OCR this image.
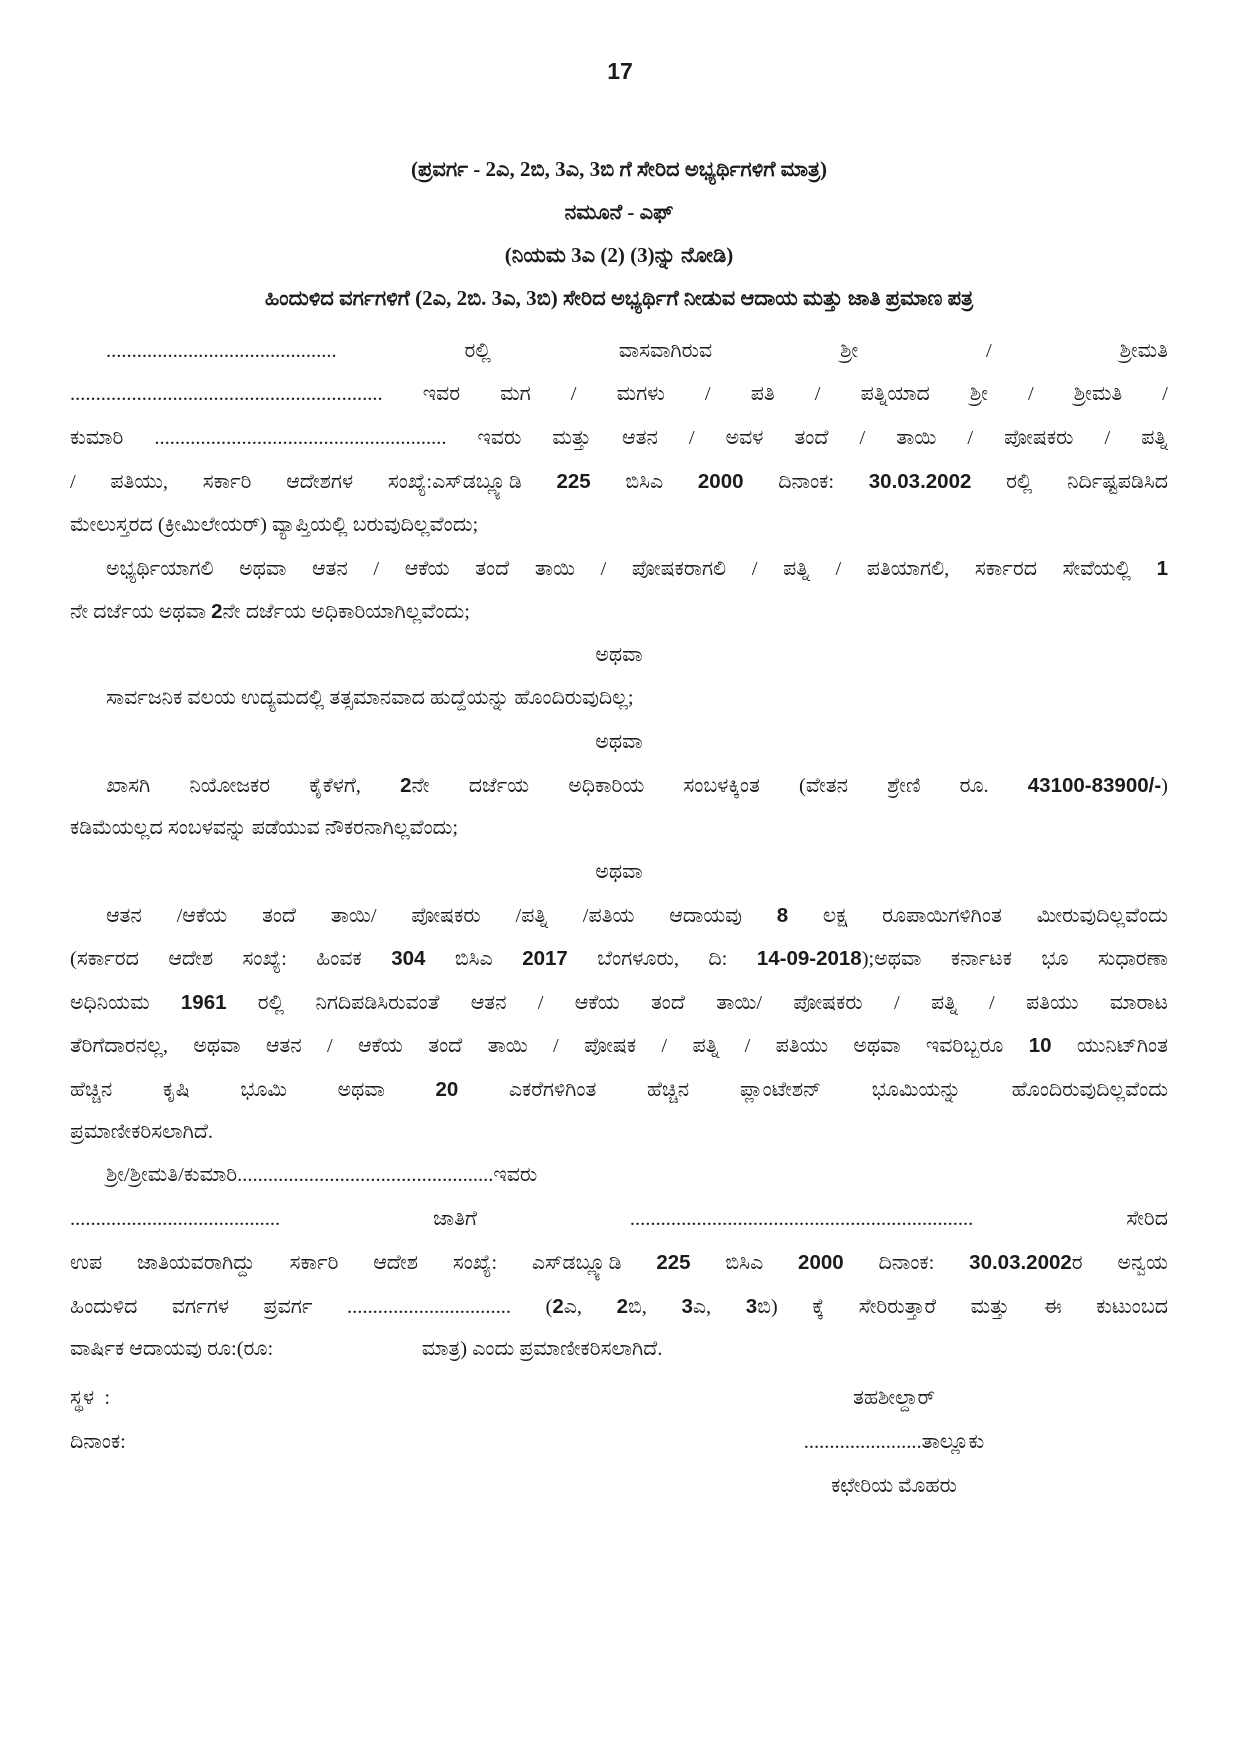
17
(ಪ್ರವರ್ಗ - 2ಎ, 2ಬಿ, 3ಎ, 3ಬಿ ಗೆ ಸೇರಿದ ಅಭ್ಯರ್ಥಿಗಳಿಗೆ ಮಾತ್ರ)
ನಮೂನೆ - ಎಫ್
(ನಿಯಮ 3ಎ (2) (3)ನ್ನು ನೋಡಿ)
ಹಿಂದುಳಿದ ವರ್ಗಗಳಿಗೆ (2ಎ, 2ಬಿ. 3ಎ, 3ಬಿ) ಸೇರಿದ ಅಭ್ಯರ್ಥಿಗೆ ನೀಡುವ ಆದಾಯ ಮತ್ತು ಜಾತಿ ಪ್ರಮಾಣ ಪತ್ರ
............................................. ರಲ್ಲಿ ವಾಸವಾಗಿರುವ ಶ್ರೀ / ಶ್ರೀಮತಿ
............................................................. ಇವರ ಮಗ / ಮಗಳು / ಪತಿ / ಪತ್ನಿಯಾದ ಶ್ರೀ / ಶ್ರೀಮತಿ /
ಕುಮಾರಿ ......................................................... ಇವರು ಮತ್ತು ಆತನ / ಅವಳ ತಂದೆ / ತಾಯಿ / ಪೋಷಕರು / ಪತ್ನಿ
/ ಪತಿಯು, ಸರ್ಕಾರಿ ಆದೇಶಗಳ ಸಂಖ್ಯೆ:ಎಸ್‌ಡಬ್ಲ್ಯೂಡಿ 225 ಬಿಸಿಎ 2000 ದಿನಾಂಕ: 30.03.2002 ರಲ್ಲಿ ನಿರ್ದಿಷ್ಟಪಡಿಸಿದ
ಮೇಲುಸ್ತರದ (ಕ್ರೀಮಿಲೇಯರ್) ವ್ಯಾಪ್ತಿಯಲ್ಲಿ ಬರುವುದಿಲ್ಲವೆಂದು;
ಅಭ್ಯರ್ಥಿಯಾಗಲಿ ಅಥವಾ ಆತನ / ಆಕೆಯ ತಂದೆ ತಾಯಿ / ಪೋಷಕರಾಗಲಿ / ಪತ್ನಿ / ಪತಿಯಾಗಲಿ, ಸರ್ಕಾರದ ಸೇವೆಯಲ್ಲಿ 1
ನೇ ದರ್ಜೆಯ ಅಥವಾ 2ನೇ ದರ್ಜೆಯ ಅಧಿಕಾರಿಯಾಗಿಲ್ಲವೆಂದು;
ಅಥವಾ
ಸಾರ್ವಜನಿಕ ವಲಯ ಉದ್ಯಮದಲ್ಲಿ ತತ್ಸಮಾನವಾದ ಹುದ್ದೆಯನ್ನು ಹೊಂದಿರುವುದಿಲ್ಲ;
ಅಥವಾ
ಖಾಸಗಿ ನಿಯೋಜಕರ ಕೈಕೆಳಗೆ, 2ನೇ ದರ್ಜೆಯ ಅಧಿಕಾರಿಯ ಸಂಬಳಕ್ಕಿಂತ (ವೇತನ ಶ್ರೇಣಿ ರೂ. 43100-83900/-)
ಕಡಿಮೆಯಲ್ಲದ ಸಂಬಳವನ್ನು ಪಡೆಯುವ ನೌಕರನಾಗಿಲ್ಲವೆಂದು;
ಅಥವಾ
ಆತನ /ಆಕೆಯ ತಂದೆ ತಾಯಿ/ ಪೋಷಕರು /ಪತ್ನಿ /ಪತಿಯ ಆದಾಯವು 8 ಲಕ್ಷ ರೂಪಾಯಿಗಳಿಗಿಂತ ಮೀರುವುದಿಲ್ಲವೆಂದು
(ಸರ್ಕಾರದ ಆದೇಶ ಸಂಖ್ಯೆ: ಹಿಂವಕ 304 ಬಿಸಿಎ 2017 ಬೆಂಗಳೂರು, ದಿ: 14-09-2018);ಅಥವಾ ಕರ್ನಾಟಕ ಭೂ ಸುಧಾರಣಾ
ಅಧಿನಿಯಮ 1961 ರಲ್ಲಿ ನಿಗದಿಪಡಿಸಿರುವಂತೆ ಆತನ / ಆಕೆಯ ತಂದೆ ತಾಯಿ/ ಪೋಷಕರು / ಪತ್ನಿ / ಪತಿಯು ಮಾರಾಟ
ತೆರಿಗೆದಾರನಲ್ಲ, ಅಥವಾ ಆತನ / ಆಕೆಯ ತಂದೆ ತಾಯಿ / ಪೋಷಕ / ಪತ್ನಿ / ಪತಿಯು ಅಥವಾ ಇವರಿಬ್ಬರೂ 10 ಯುನಿಟ್‌ಗಿಂತ
ಹೆಚ್ಚಿನ ಕೃಷಿ ಭೂಮಿ ಅಥವಾ 20 ಎಕರೆಗಳಿಗಿಂತ ಹೆಚ್ಚಿನ ಪ್ಲಾಂಟೇಶನ್ ಭೂಮಿಯನ್ನು ಹೊಂದಿರುವುದಿಲ್ಲವೆಂದು
ಪ್ರಮಾಣೀಕರಿಸಲಾಗಿದೆ.
ಶ್ರೀ/ಶ್ರೀಮತಿ/ಕುಮಾರಿ..................................................ಇವರು
......................................... ಜಾತಿಗೆ ................................................................... ಸೇರಿದ
ಉಪ ಜಾತಿಯವರಾಗಿದ್ದು ಸರ್ಕಾರಿ ಆದೇಶ ಸಂಖ್ಯೆ: ಎಸ್‌ಡಬ್ಲ್ಯೂಡಿ 225 ಬಿಸಿಎ 2000 ದಿನಾಂಕ: 30.03.2002ರ ಅನ್ವಯ
ಹಿಂದುಳಿದ ವರ್ಗಗಳ ಪ್ರವರ್ಗ ................................ (2ಎ, 2ಬಿ, 3ಎ, 3ಬಿ) ಕ್ಕೆ ಸೇರಿರುತ್ತಾರೆ ಮತ್ತು ಈ ಕುಟುಂಬದ
ವಾರ್ಷಿಕ ಆದಾಯವು ರೂ:(ರೂ:                             ಮಾತ್ರ) ಎಂದು ಪ್ರಮಾಣೀಕರಿಸಲಾಗಿದೆ.
ಸ್ಥಳ  :	ತಹಶೀಲ್ದಾರ್
ದಿನಾಂಕ:	.......................ತಾಲ್ಲೂಕು
ಕಛೇರಿಯ ಮೊಹರು
